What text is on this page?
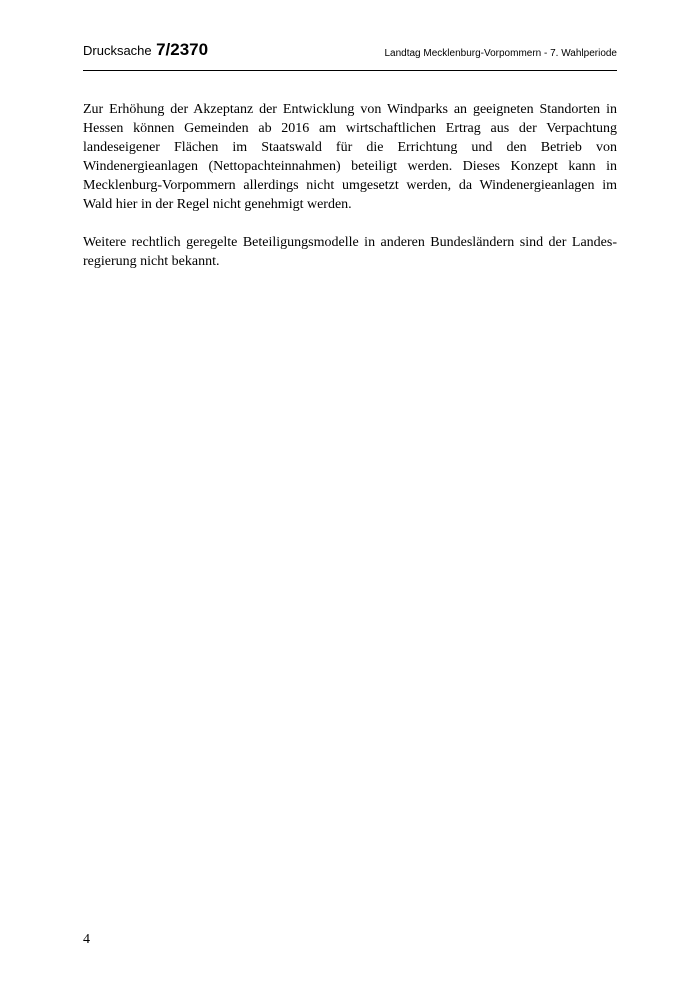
Drucksache 7/2370	Landtag Mecklenburg-Vorpommern - 7. Wahlperiode

Zur Erhöhung der Akzeptanz der Entwicklung von Windparks an geeigneten Standorten in Hessen können Gemeinden ab 2016 am wirtschaftlichen Ertrag aus der Verpachtung landeseigener Flächen im Staatswald für die Errichtung und den Betrieb von Windenergieanlagen (Nettopachteinnahmen) beteiligt werden. Dieses Konzept kann in Mecklenburg-Vorpommern allerdings nicht umgesetzt werden, da Windenergieanlagen im Wald hier in der Regel nicht genehmigt werden.

Weitere rechtlich geregelte Beteiligungsmodelle in anderen Bundesländern sind der Landesregierung nicht bekannt.

4
